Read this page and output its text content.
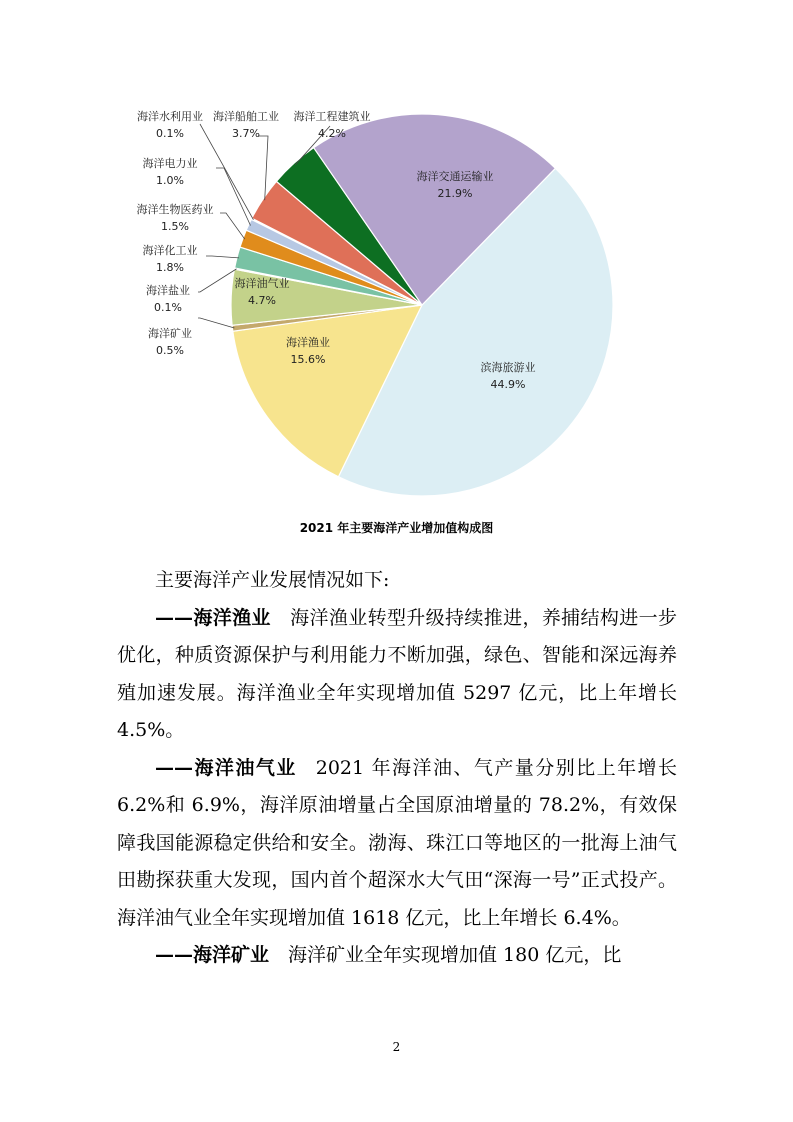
滨海旅游业 44.9%
海洋渔业 15.6%
海洋油气业 4.7%
海洋交通运输业 21.9%
海洋矿业 0.5%
海洋盐业 0.1%
海洋化工业 1.8%
海洋生物医药业 1.5%
海洋电力业 1.0%
海洋水利用业 0.1%
海洋船舶工业 3.7%
海洋工程建筑业 4.2%
2021 年主要海洋产业增加值构成图

主要海洋产业发展情况如下:

——海洋渔业  海洋渔业转型升级持续推进，养捕结构进一步优化，种质资源保护与利用能力不断加强，绿色、智能和深远海养殖加速发展。海洋渔业全年实现增加值 5297 亿元，比上年增长 4.5%。

——海洋油气业  2021 年海洋油、气产量分别比上年增长 6.2%和 6.9%，海洋原油增量占全国原油增量的 78.2%，有效保障我国能源稳定供给和安全。渤海、珠江口等地区的一批海上油气田勘探获重大发现，国内首个超深水大气田“深海一号”正式投产。海洋油气业全年实现增加值 1618 亿元，比上年增长 6.4%。

——海洋矿业  海洋矿业全年实现增加值 180 亿元，比

2
